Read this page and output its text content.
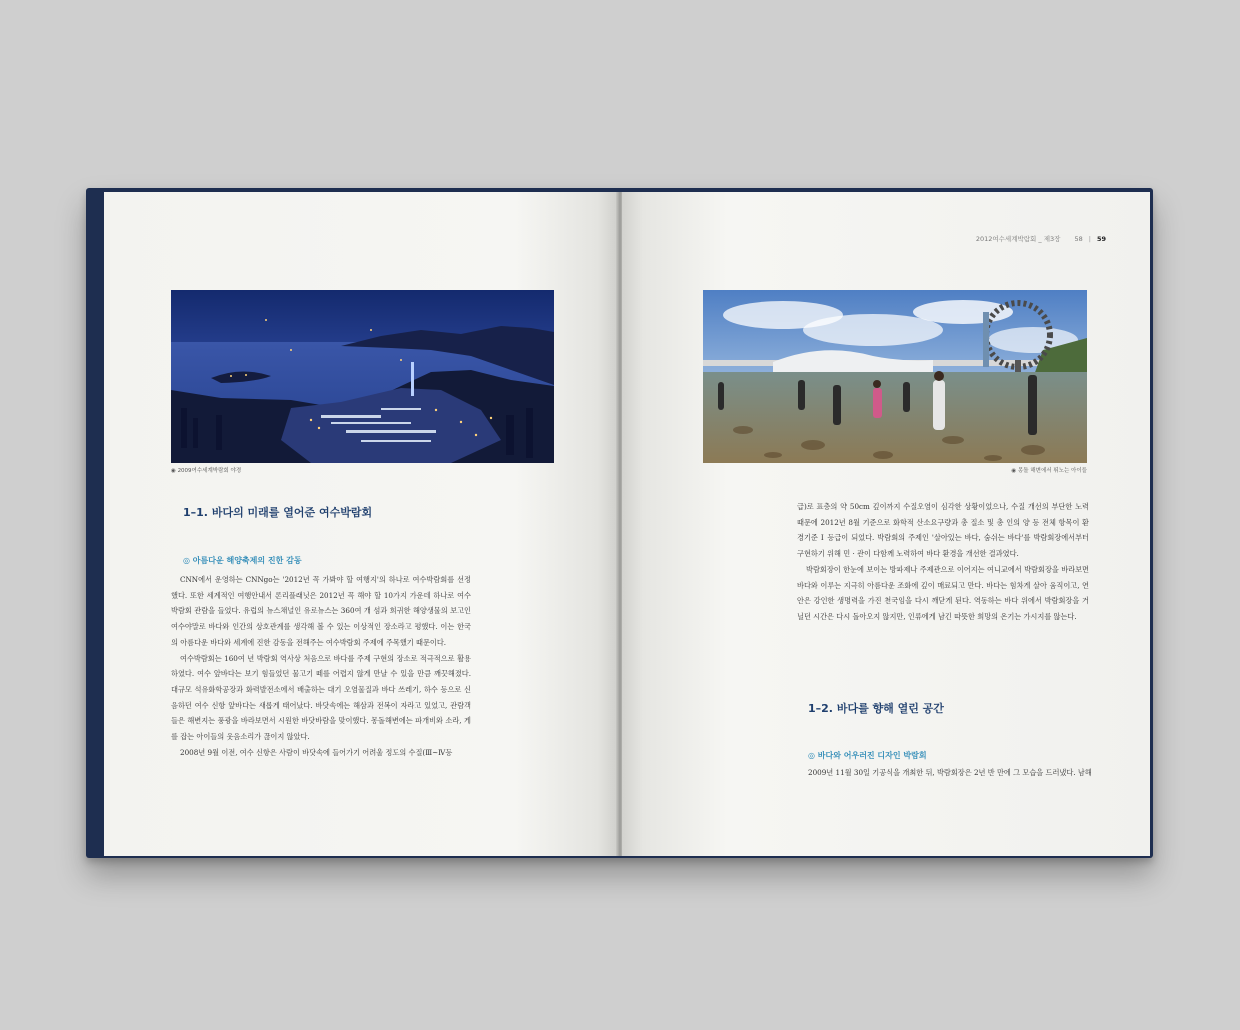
◉ 2009여수세계박람회 야경
1–1. 바다의 미래를 열어준 여수박람회
◎ 아름다운 해양축제의 진한 감동

CNN에서 운영하는 CNNgo는 '2012년 꼭 가봐야 할 여행지'의 하나로 여수박람회를 선정했다. 또한 세계적인 여행안내서 론리플래닛은 2012년 꼭 해야 할 10가지 가운데 하나로 여수박람회 관람을 들었다. 유럽의 뉴스채널인 유로뉴스는 360여 개 섬과 희귀한 해양생물의 보고인 여수야말로 바다와 인간의 상호관계를 생각해 볼 수 있는 이상적인 장소라고 평했다. 이는 한국의 아름다운 바다와 세계에 진한 감동을 전해주는 여수박람회 주제에 주목했기 때문이다.

여수박람회는 160여 년 박람회 역사상 처음으로 바다를 주제 구현의 장소로 적극적으로 활용하였다. 여수 앞바다는 보기 힘들었던 물고기 떼를 어렵지 않게 만날 수 있을 만큼 깨끗해졌다. 대규모 석유화학공장과 화력발전소에서 배출하는 대기 오염물질과 바다 쓰레기, 하수 등으로 신음하던 여수 신항 앞바다는 새롭게 태어났다. 바닷속에는 해삼과 전복이 자라고 있었고, 관람객들은 해변지는 풍광을 바라보면서 시원한 바닷바람을 맞이했다. 몽돌해변에는 파개비와 소라, 게를 잡는 아이들의 웃음소리가 끊이지 않았다.

2008년 9월 이전, 여수 신항은 사람이 바닷속에 들어가기 어려울 정도의 수질(Ⅲ~Ⅳ등

2012여수세계박람회 _ 제3장 58 | 59
◉ 몽돌 해변에서 뛰노는 아이들

급)로 표층의 약 50cm 깊이까지 수질오염이 심각한 상황이었으나, 수질 개선의 부단한 노력 때문에 2012년 8월 기준으로 화학적 산소요구량과 총 질소 및 총 인의 양 등 전체 항목이 환경기준 Ⅰ 등급이 되었다. 박람회의 주제인 '살아있는 바다, 숨쉬는 바다'를 박람회장에서부터 구현하기 위해 민 · 관이 다함께 노력하여 바다 환경을 개선한 결과였다.

박람회장이 한눈에 보이는 방파제나 주제관으로 이어지는 여니교에서 박람회장을 바라보면 바다와 이루는 지극히 아름다운 조화에 깊이 매료되고 만다. 바다는 힘차게 살아 움직이고, 연안은 강인한 생명력을 가진 천국임을 다시 깨닫게 된다. 역동하는 바다 위에서 박람회장을 거닐던 시간은 다시 돌아오지 않지만, 인류에게 남긴 따뜻한 희망의 온기는 가시지를 않는다.

1–2. 바다를 향해 열린 공간
◎ 바다와 어우러진 디자인 박람회

2009년 11월 30일 기공식을 개최한 뒤, 박람회장은 2년 반 만에 그 모습을 드러냈다. 남해
